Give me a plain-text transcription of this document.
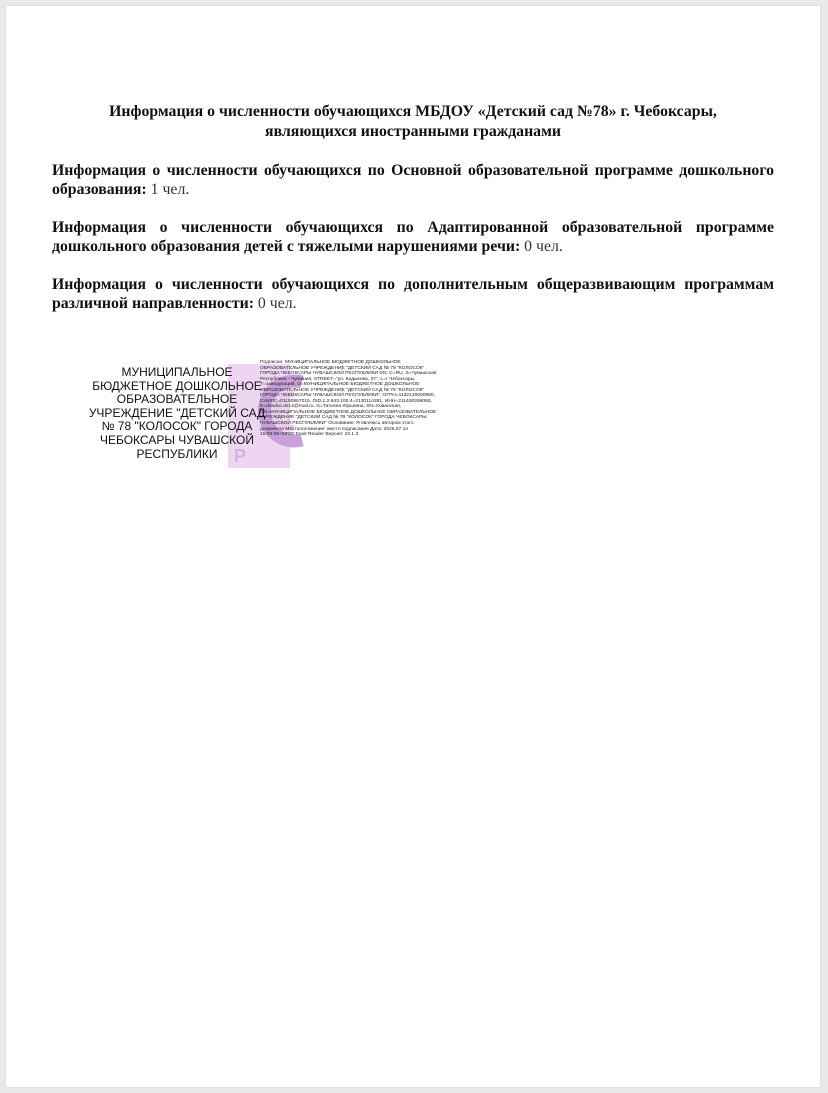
Информация о численности обучающихся МБДОУ «Детский сад №78» г. Чебоксары,
являющихся иностранными гражданами

Информация о численности обучающихся по Основной образовательной программе дошкольного образования: 1 чел.

Информация о численности обучающихся по Адаптированной образовательной программе дошкольного образования детей с тяжелыми нарушениями речи: 0 чел.

Информация о численности обучающихся по дополнительным общеразвивающим программам различной направленности: 0 чел.

P
МУНИЦИПАЛЬНОЕ БЮДЖЕТНОЕ ДОШКОЛЬНОЕ ОБРАЗОВАТЕЛЬНОЕ УЧРЕЖДЕНИЕ "ДЕТСКИЙ САД № 78 "КОЛОСОК" ГОРОДА ЧЕБОКСАРЫ ЧУВАШСКОЙ РЕСПУБЛИКИ
Подписан: МУНИЦИПАЛЬНОЕ БЮДЖЕТНОЕ ДОШКОЛЬНОЕ ОБРАЗОВАТЕЛЬНОЕ УЧРЕЖДЕНИЕ "ДЕТСКИЙ САД № 78 "КОЛОСОК" ГОРОДА ЧЕБОКСАРЫ ЧУВАШСКОЙ РЕСПУБЛИКИ DN: C=RU, S=Чувашская Республика - Чувашия, STREET="ул. Кадыкова, 37", L=г Чебоксары, T=заведующий, O=МУНИЦИПАЛЬНОЕ БЮДЖЕТНОЕ ДОШКОЛЬНОЕ ОБРАЗОВАТЕЛЬНОЕ УЧРЕЖДЕНИЕ "ДЕТСКИЙ САД № 78 "КОЛОСОК" ГОРОДА ЧЕБОКСАРЫ ЧУВАШСКОЙ РЕСПУБЛИКИ", ОГРН=1132130000980, СНИЛС=01150867015, OID.1.2.643.100.4=2130114281, ИНН=211400266060, E=dsadco.ds14@mail.ru, G=Татьяна Юрьевна, SN=Хованская, CN=МУНИЦИПАЛЬНОЕ БЮДЖЕТНОЕ ДОШКОЛЬНОЕ ОБРАЗОВАТЕЛЬНОЕ УЧРЕЖДЕНИЕ "ДЕТСКИЙ САД № 78 "КОЛОСОК" ГОРОДА ЧЕБОКСАРЫ ЧУВАШСКОЙ РЕСПУБЛИКИ" Основание: Я являюсь автором этого документа Местоположение: место подписания Дата: 2025.07.14 15:09:55+03'00' Foxit Reader Версия: 10.1.3
